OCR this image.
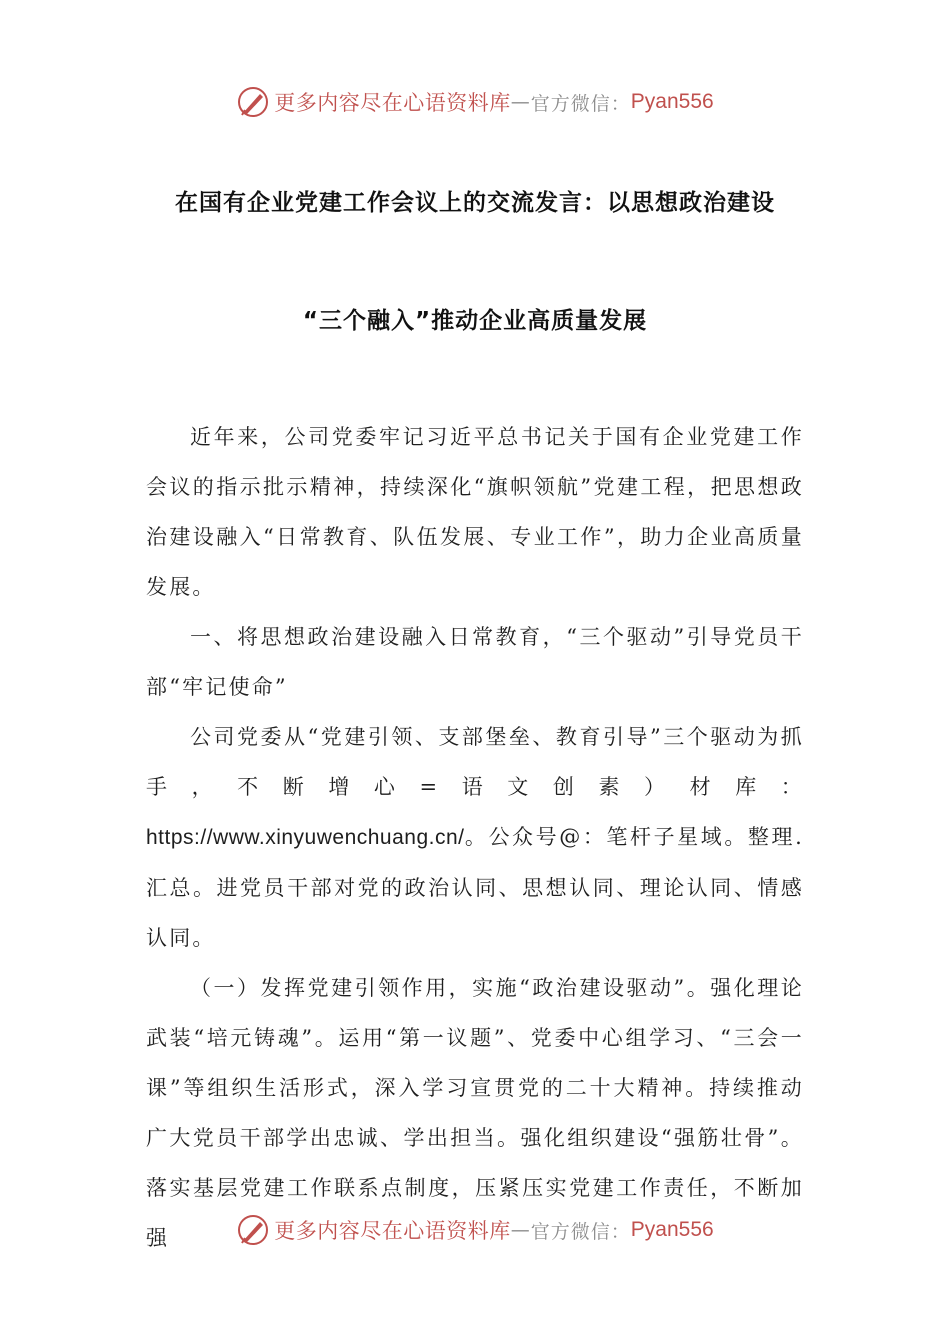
更多内容尽在心语资料库 — 官方微信： Pyan556
在国有企业党建工作会议上的交流发言：以思想政治建设
“三个融入”推动企业高质量发展

近年来，公司党委牢记习近平总书记关于国有企业党建工作会议的指示批示精神，持续深化“旗帜领航”党建工程，把思想政治建设融入“日常教育、队伍发展、专业工作”，助力企业高质量发展。

一、将思想政治建设融入日常教育，“三个驱动”引导党员干部“牢记使命”

公司党委从“党建引领、支部堡垒、教育引导”三个驱动为抓手，不断增心=语文创素）材库：https://www.xinyuwenchuang.cn/。公众号@：笔杆子星域。整理.汇总。进党员干部对党的政治认同、思想认同、理论认同、情感认同。

（一）发挥党建引领作用，实施“政治建设驱动”。强化理论武装“培元铸魂”。运用“第一议题”、党委中心组学习、“三会一课”等组织生活形式，深入学习宣贯党的二十大精神。持续推动广大党员干部学出忠诚、学出担当。强化组织建设“强筋壮骨”。落实基层党建工作联系点制度，压紧压实党建工作责任，不断加强	更多内容尽在心语资料库 — 官方微信： Pyan556
